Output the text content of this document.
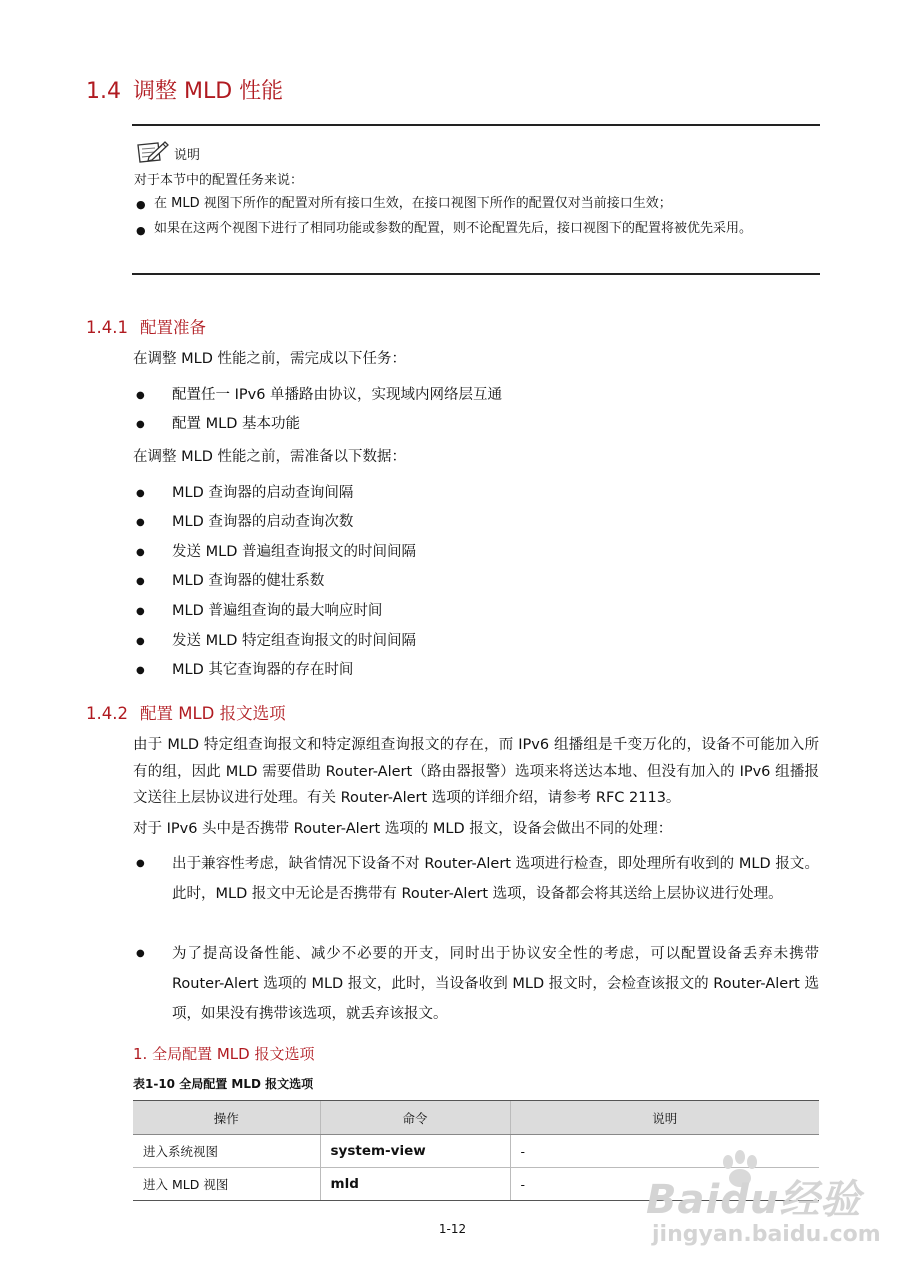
1.4 调整 MLD 性能
说明
对于本节中的配置任务来说：
● 在 MLD 视图下所作的配置对所有接口生效，在接口视图下所作的配置仅对当前接口生效；
● 如果在这两个视图下进行了相同功能或参数的配置，则不论配置先后，接口视图下的配置将被优先采用。
1.4.1 配置准备
在调整 MLD 性能之前，需完成以下任务：
● 配置任一 IPv6 单播路由协议，实现域内网络层互通
● 配置 MLD 基本功能
在调整 MLD 性能之前，需准备以下数据：
● MLD 查询器的启动查询间隔
● MLD 查询器的启动查询次数
● 发送 MLD 普遍组查询报文的时间间隔
● MLD 查询器的健壮系数
● MLD 普遍组查询的最大响应时间
● 发送 MLD 特定组查询报文的时间间隔
● MLD 其它查询器的存在时间
1.4.2 配置 MLD 报文选项
由于 MLD 特定组查询报文和特定源组查询报文的存在，而 IPv6 组播组是千变万化的，设备不可能加入所有的组，因此 MLD 需要借助 Router-Alert（路由器报警）选项来将送达本地、但没有加入的 IPv6 组播报文送往上层协议进行处理。有关 Router-Alert 选项的详细介绍，请参考 RFC 2113。
对于 IPv6 头中是否携带 Router-Alert 选项的 MLD 报文，设备会做出不同的处理：
● 出于兼容性考虑，缺省情况下设备不对 Router-Alert 选项进行检查，即处理所有收到的 MLD 报文。此时，MLD 报文中无论是否携带有 Router-Alert 选项，设备都会将其送给上层协议进行处理。
● 为了提高设备性能、减少不必要的开支，同时出于协议安全性的考虑，可以配置设备丢弃未携带 Router-Alert 选项的 MLD 报文，此时，当设备收到 MLD 报文时，会检查该报文的 Router-Alert 选项，如果没有携带该选项，就丢弃该报文。
1. 全局配置 MLD 报文选项
表1-10 全局配置 MLD 报文选项
操作	命令	说明
进入系统视图	system-view	-
进入 MLD 视图	mld	-
1-12
Baidu经验
jingyan.baidu.com
